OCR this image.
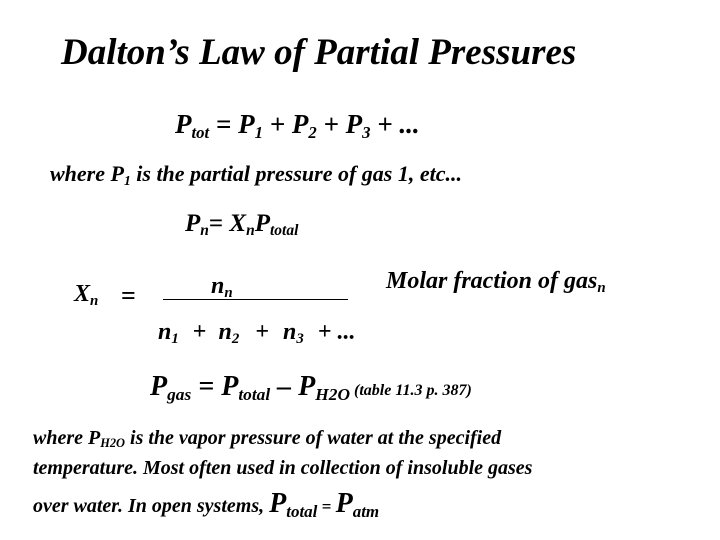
Dalton’s Law of Partial Pressures
$P_{tot} = P_1 + P_2 + P_3$ + ...
where $P_1$ is the partial pressure of gas 1, etc...
$P_n= X_nP_{total}$
$X_n$ =	$n_n$
$n_1 + n_2 + n_3$ + ...
Molar fraction of gas$_n$
$P_{gas} = P_{total} - P_{H2O}$ (table 11.3 p. 387)
where $P_{H2O}$ is the vapor pressure of water at the specified
temperature. Most often used in collection of insoluble gases
over water. In open systems, $P_{total} = P_{atm}$
